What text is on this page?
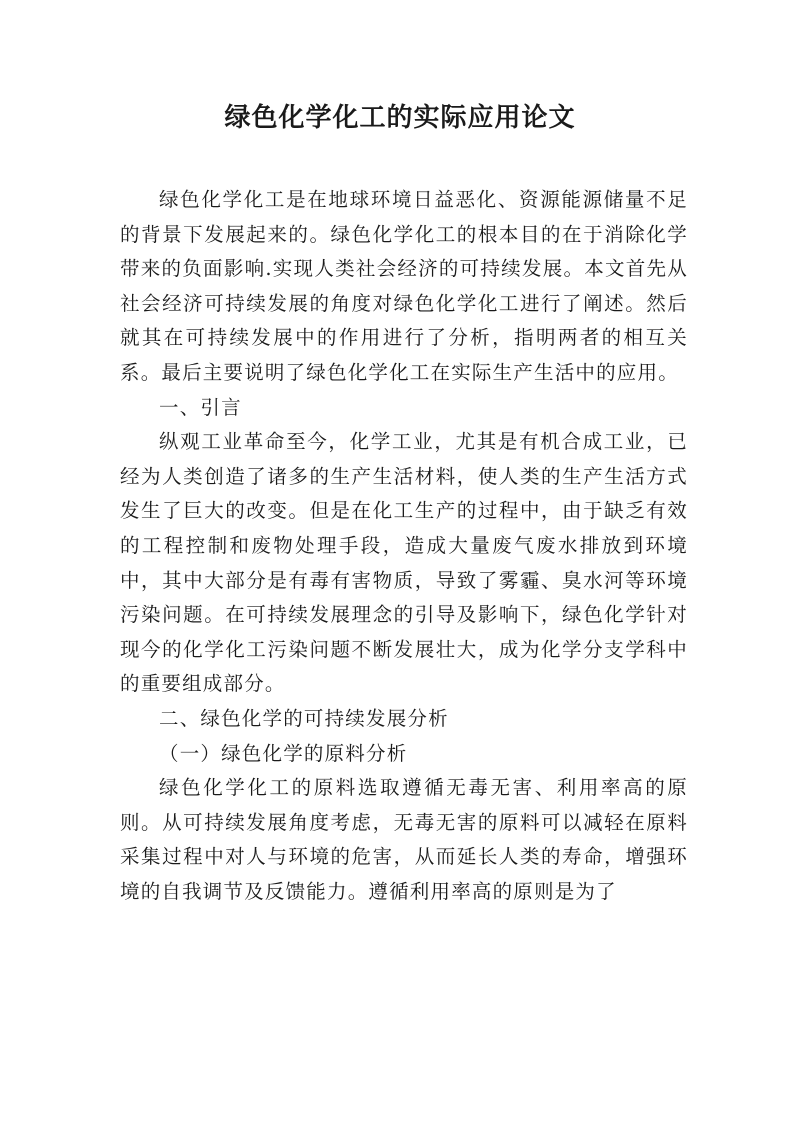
绿色化学化工的实际应用论文

绿色化学化工是在地球环境日益恶化、资源能源储量不足的背景下发展起来的。绿色化学化工的根本目的在于消除化学带来的负面影响.实现人类社会经济的可持续发展。本文首先从社会经济可持续发展的角度对绿色化学化工进行了阐述。然后就其在可持续发展中的作用进行了分析，指明两者的相互关系。最后主要说明了绿色化学化工在实际生产生活中的应用。

一、引言

纵观工业革命至今，化学工业，尤其是有机合成工业，已经为人类创造了诸多的生产生活材料，使人类的生产生活方式发生了巨大的改变。但是在化工生产的过程中，由于缺乏有效的工程控制和废物处理手段，造成大量废气废水排放到环境中，其中大部分是有毒有害物质，导致了雾霾、臭水河等环境污染问题。在可持续发展理念的引导及影响下，绿色化学针对现今的化学化工污染问题不断发展壮大，成为化学分支学科中的重要组成部分。

二、绿色化学的可持续发展分析

（一）绿色化学的原料分析

绿色化学化工的原料选取遵循无毒无害、利用率高的原则。从可持续发展角度考虑，无毒无害的原料可以减轻在原料采集过程中对人与环境的危害，从而延长人类的寿命，增强环境的自我调节及反馈能力。遵循利用率高的原则是为了
